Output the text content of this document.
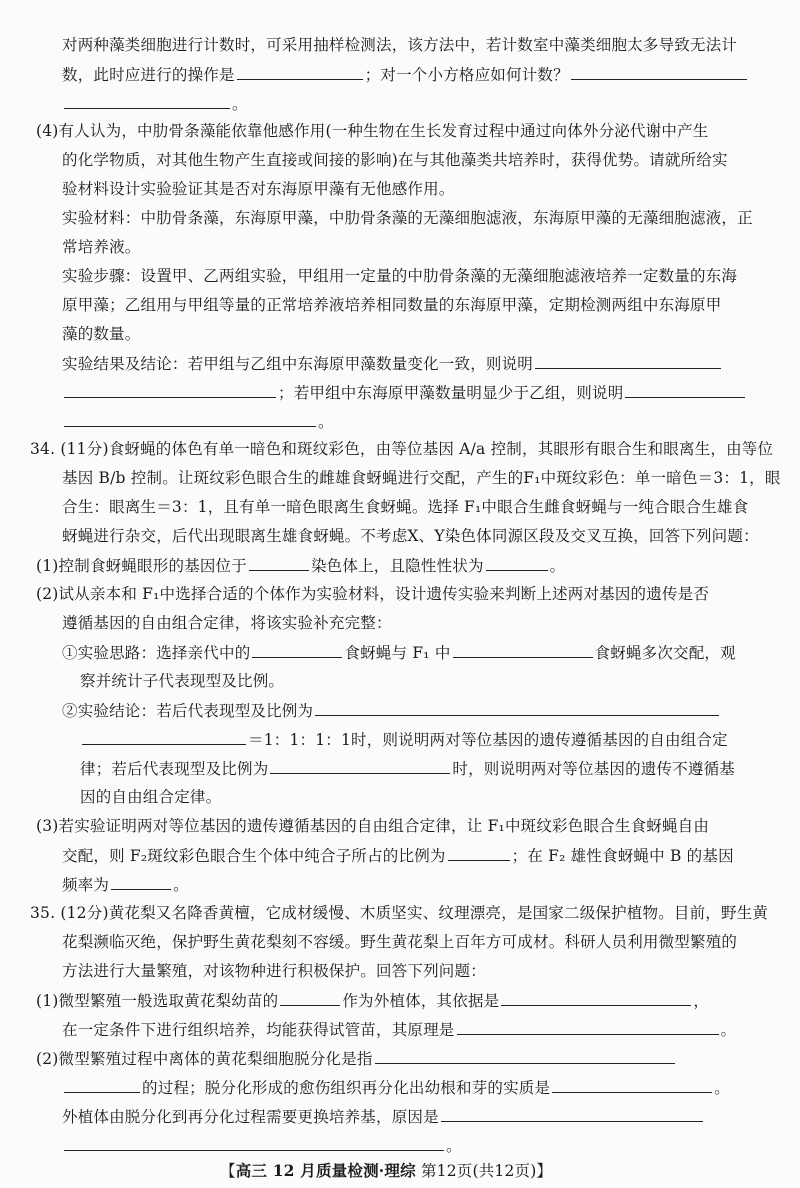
对两种藻类细胞进行计数时，可采用抽样检测法，该方法中，若计数室中藻类细胞太多导致无法计
数，此时应进行的操作是	；对一个小方格应如何计数？
。
(4)有人认为，中肋骨条藻能依靠他感作用(一种生物在生长发育过程中通过向体外分泌代谢中产生
的化学物质，对其他生物产生直接或间接的影响)在与其他藻类共培养时，获得优势。请就所给实
验材料设计实验验证其是否对东海原甲藻有无他感作用。
实验材料：中肋骨条藻，东海原甲藻，中肋骨条藻的无藻细胞滤液，东海原甲藻的无藻细胞滤液，正
常培养液。
实验步骤：设置甲、乙两组实验，甲组用一定量的中肋骨条藻的无藻细胞滤液培养一定数量的东海
原甲藻；乙组用与甲组等量的正常培养液培养相同数量的东海原甲藻，定期检测两组中东海原甲
藻的数量。
实验结果及结论：若甲组与乙组中东海原甲藻数量变化一致，则说明
；若甲组中东海原甲藻数量明显少于乙组，则说明
。
34. (11分)食蚜蝇的体色有单一暗色和斑纹彩色，由等位基因 A/a 控制，其眼形有眼合生和眼离生，由等位
基因 B/b 控制。让斑纹彩色眼合生的雌雄食蚜蝇进行交配，产生的F₁中斑纹彩色：单一暗色＝3：1，眼
合生：眼离生＝3：1，且有单一暗色眼离生食蚜蝇。选择 F₁中眼合生雌食蚜蝇与一纯合眼合生雄食
蚜蝇进行杂交，后代出现眼离生雄食蚜蝇。不考虑X、Y染色体同源区段及交叉互换，回答下列问题：
(1)控制食蚜蝇眼形的基因位于	染色体上，且隐性性状为	。
(2)试从亲本和 F₁中选择合适的个体作为实验材料，设计遗传实验来判断上述两对基因的遗传是否
遵循基因的自由组合定律，将该实验补充完整：
①实验思路：选择亲代中的	食蚜蝇与 F₁ 中	食蚜蝇多次交配，观
察并统计子代表现型及比例。
②实验结论：若后代表现型及比例为
＝1：1：1：1时，则说明两对等位基因的遗传遵循基因的自由组合定
律；若后代表现型及比例为	时，则说明两对等位基因的遗传不遵循基
因的自由组合定律。
(3)若实验证明两对等位基因的遗传遵循基因的自由组合定律，让 F₁中斑纹彩色眼合生食蚜蝇自由
交配，则 F₂斑纹彩色眼合生个体中纯合子所占的比例为	；在 F₂ 雄性食蚜蝇中 B 的基因
频率为	。
35. (12分)黄花梨又名降香黄檀，它成材缓慢、木质坚实、纹理漂亮，是国家二级保护植物。目前，野生黄
花梨濒临灭绝，保护野生黄花梨刻不容缓。野生黄花梨上百年方可成材。科研人员利用微型繁殖的
方法进行大量繁殖，对该物种进行积极保护。回答下列问题：
(1)微型繁殖一般选取黄花梨幼苗的	作为外植体，其依据是	，
在一定条件下进行组织培养，均能获得试管苗，其原理是	。
(2)微型繁殖过程中离体的黄花梨细胞脱分化是指
的过程；脱分化形成的愈伤组织再分化出幼根和芽的实质是	。
外植体由脱分化到再分化过程需要更换培养基，原因是
。
【高三 12 月质量检测·理综 第12页(共12页)】
